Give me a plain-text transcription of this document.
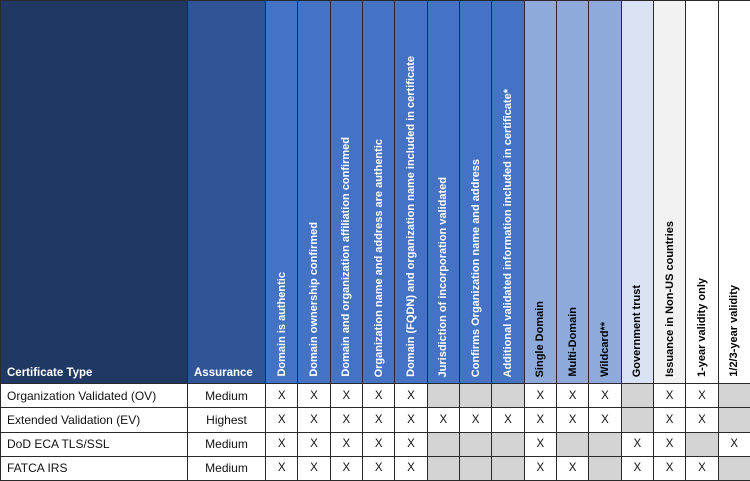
Certificate Type	Assurance	Domain is authentic	Domain ownership confirmed	Domain and organization affiliation confirmed	Organization name and address are authentic	Domain (FQDN) and organization name included in certificate	Jurisdiction of incorporation validated	Confirms Organization name and address	Additional validated information included in certificate*	Single Domain	Multi-Domain	Wildcard**	Government trust	Issuance in Non-US countries	1-year validity only	1/2/3-year validity

Organization Validated (OV)	Medium	X	X	X	X	X				X	X	X		X	X	
Extended Validation (EV)	Highest	X	X	X	X	X	X	X	X	X	X	X		X	X	
DoD ECA TLS/SSL	Medium	X	X	X	X	X				X			X	X		X
FATCA IRS	Medium	X	X	X	X	X				X	X		X	X	X	
